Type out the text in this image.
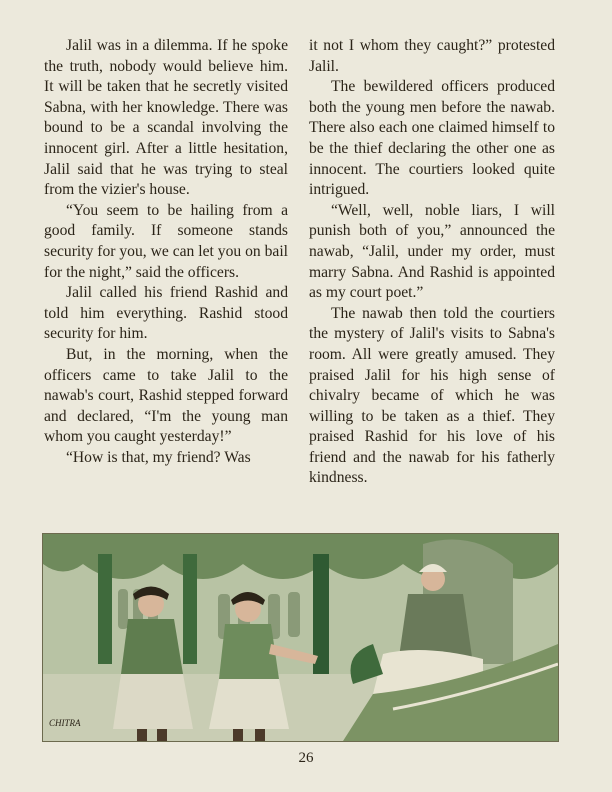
Jalil was in a dilemma. If he spoke the truth, nobody would believe him. It will be taken that he secretly visited Sabna, with her knowledge. There was bound to be a scandal involving the innocent girl. After a little hesitation, Jalil said that he was trying to steal from the vizier's house.

“You seem to be hailing from a good family. If someone stands security for you, we can let you on bail for the night,” said the officers.

Jalil called his friend Rashid and told him everything. Rashid stood security for him.

But, in the morning, when the officers came to take Jalil to the nawab's court, Rashid stepped forward and declared, “I'm the young man whom you caught yesterday!”

“How is that, my friend? Was

it not I whom they caught?” protested Jalil.

The bewildered officers produced both the young men before the nawab. There also each one claimed himself to be the thief declaring the other one as innocent. The courtiers looked quite intrigued.

“Well, well, noble liars, I will punish both of you,” announced the nawab, “Jalil, under my order, must marry Sabna. And Rashid is appointed as my court poet.”

The nawab then told the courtiers the mystery of Jalil's visits to Sabna's room. All were greatly amused. They praised Jalil for his high sense of chivalry became of which he was willing to be taken as a thief. They praised Rashid for his love of his friend and the nawab for his fatherly kindness.

CHITRA
26
